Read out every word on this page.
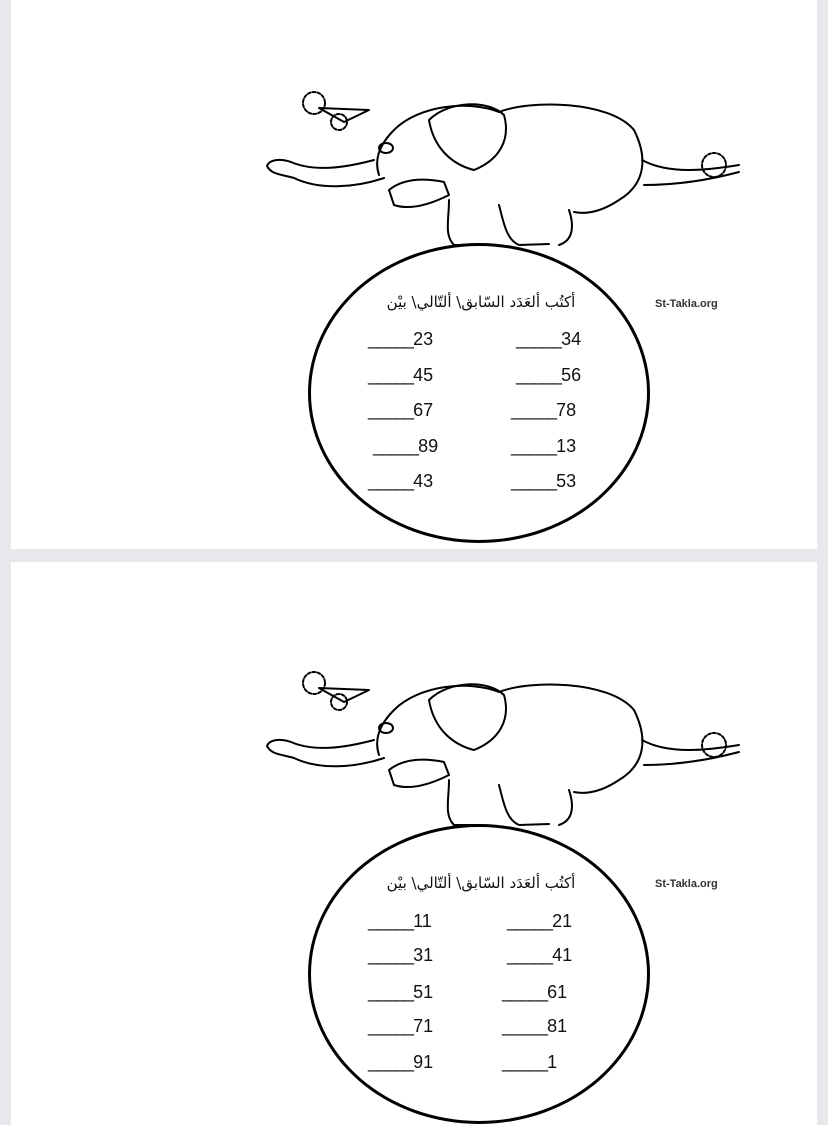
أكتُب ألعَدَد السّابق\ ألتّالي\ بيْن	St-Takla.org
_____23	_____34
_____45	_____56
_____67	_____78
_____89	_____13
_____43	_____53
أكتُب ألعَدَد السّابق\ ألتّالي\ بيْن	St-Takla.org
_____11	_____21
_____31	_____41
_____51	_____61
_____71	_____81
_____91	_____1
